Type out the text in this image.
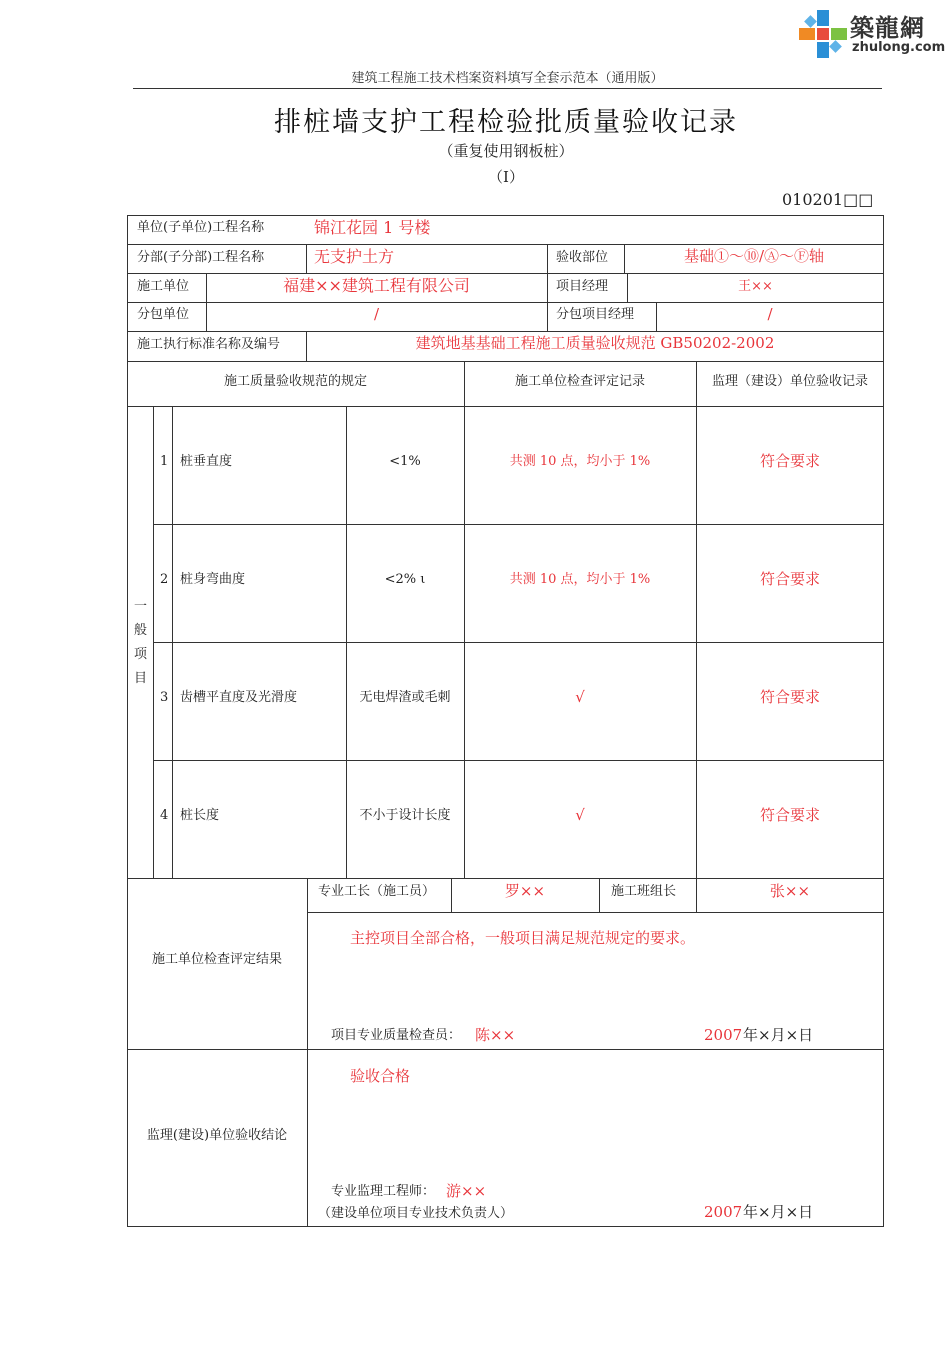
築龍網
zhulong.com
建筑工程施工技术档案资料填写全套示范本（通用版）
排桩墙支护工程检验批质量验收记录
（重复使用钢板桩）
（Ⅰ）
010201□□
单位(子单位)工程名称	锦江花园 1 号楼
分部(子分部)工程名称	无支护土方	验收部位	基础①～⑩/Ⓐ～Ⓕ轴
施工单位	福建××建筑工程有限公司	项目经理	王××
分包单位	/	分包项目经理	/
施工执行标准名称及编号	建筑地基基础工程施工质量验收规范 GB50202-2002
施工质量验收规范的规定	施工单位检查评定记录	监理（建设）单位验收记录
一
般
项
目
1 桩垂直度	<1%	共测 10 点，均小于 1%	符合要求
2 桩身弯曲度	<2% ι	共测 10 点，均小于 1%	符合要求
3 齿槽平直度及光滑度	无电焊渣或毛刺	√	符合要求
4 桩长度	不小于设计长度	√	符合要求
施工单位检查评定结果
专业工长（施工员）	罗××	施工班组长	张××
主控项目全部合格，一般项目满足规范规定的要求。
项目专业质量检查员： 陈××	2007 年×月×日
监理(建设)单位验收结论
验收合格
专业监理工程师： 游××
（建设单位项目专业技术负责人）	2007 年×月×日
